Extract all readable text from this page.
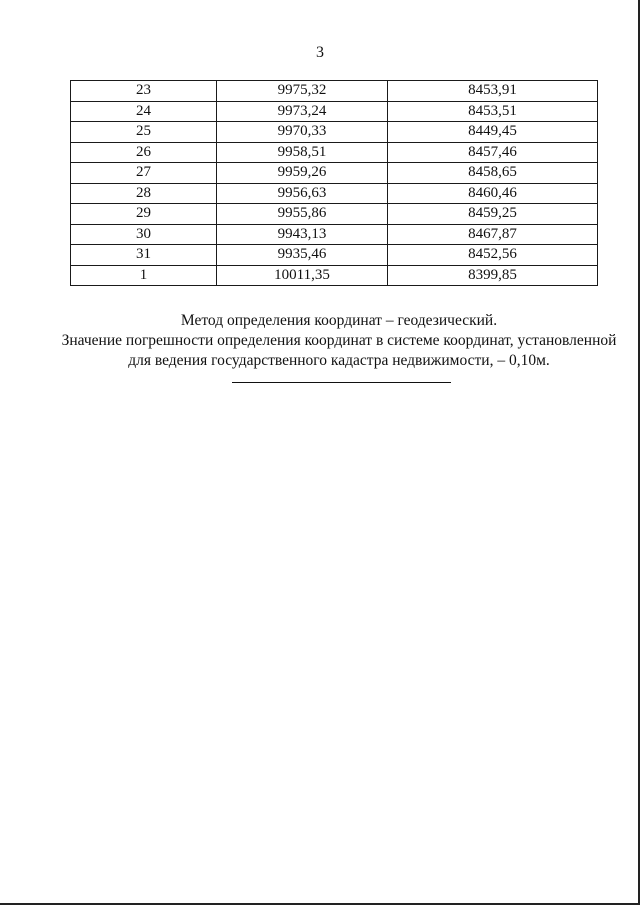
3
23	9975,32	8453,91
24	9973,24	8453,51
25	9970,33	8449,45
26	9958,51	8457,46
27	9959,26	8458,65
28	9956,63	8460,46
29	9955,86	8459,25
30	9943,13	8467,87
31	9935,46	8452,56
1	10011,35	8399,85
Метод определения координат – геодезический.
Значение погрешности определения координат в системе координат, установленной
для ведения государственного кадастра недвижимости, – 0,10м.
